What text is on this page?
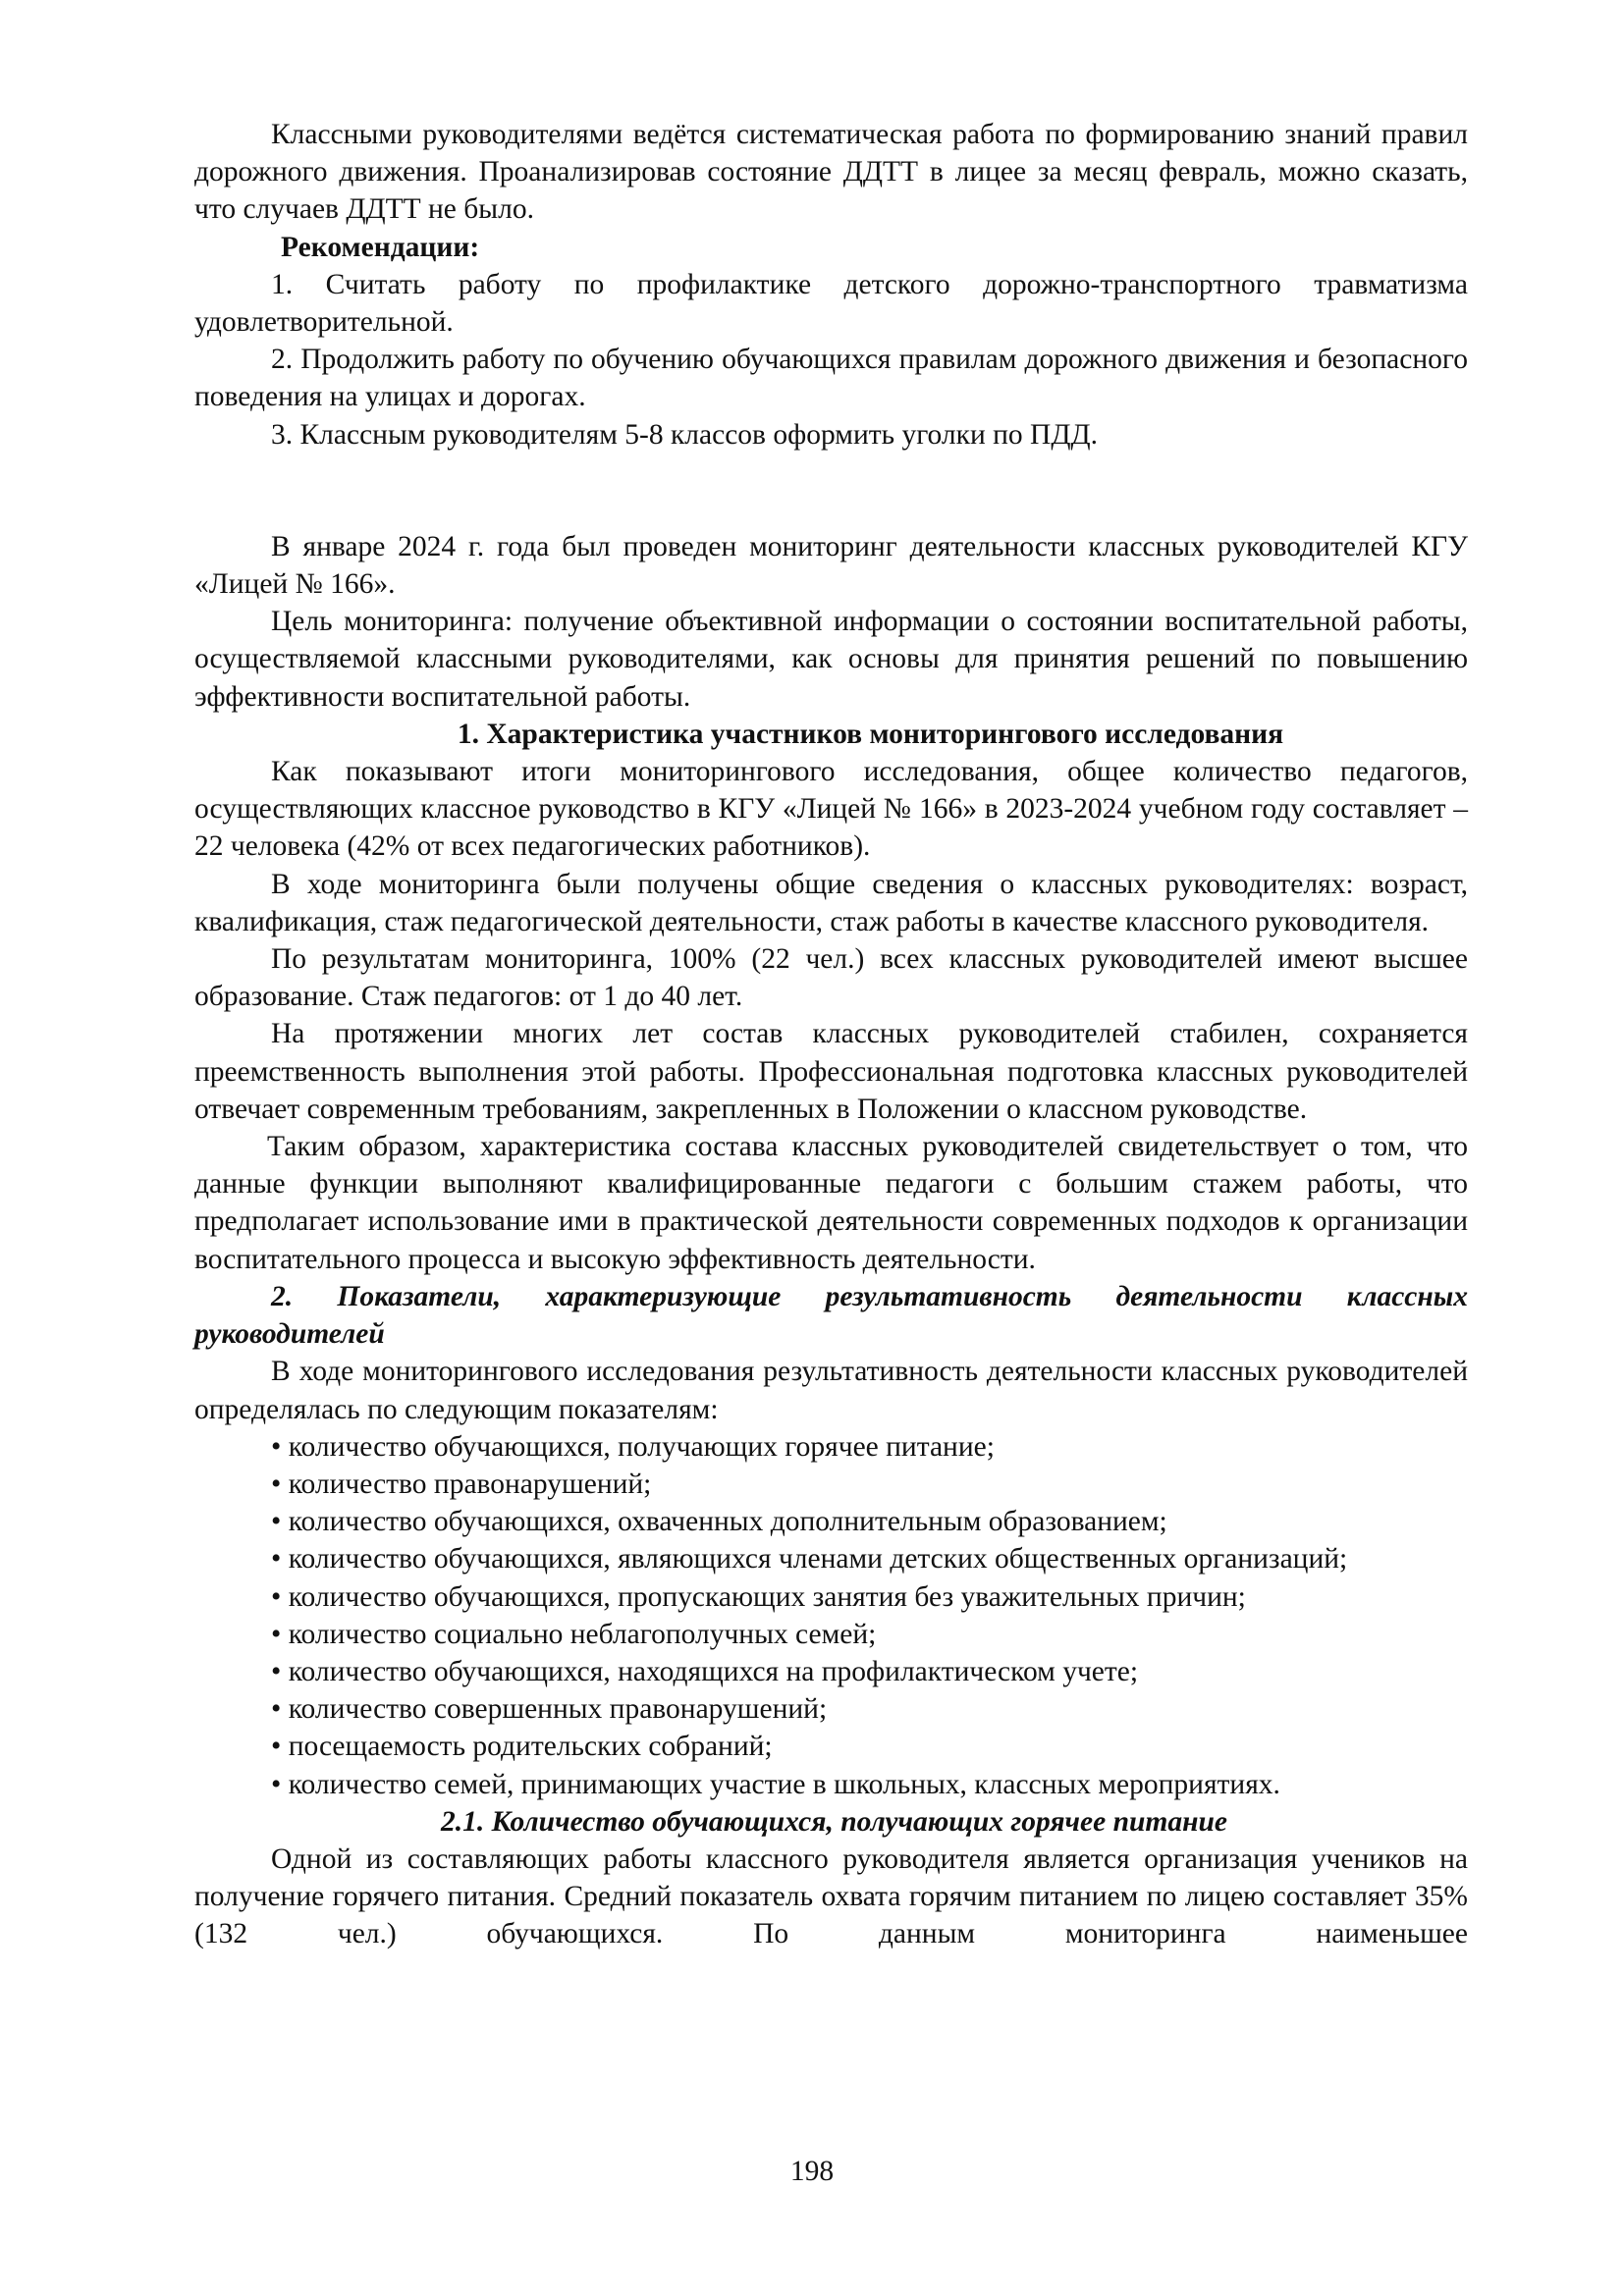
Классными руководителями ведётся систематическая работа по формированию знаний правил дорожного движения. Проанализировав состояние ДДТТ в лицее за месяц февраль, можно сказать, что случаев ДДТТ не было.

Рекомендации:

1. Считать работу по профилактике детского дорожно-транспортного травматизма удовлетворительной.

2. Продолжить работу по обучению обучающихся правилам дорожного движения и безопасного поведения на улицах и дорогах.

3. Классным руководителям 5-8 классов оформить уголки по ПДД.

В январе 2024 г. года был проведен мониторинг деятельности классных руководителей КГУ «Лицей № 166».

Цель мониторинга: получение объективной информации о состоянии воспитательной работы, осуществляемой классными руководителями, как основы для принятия решений по повышению эффективности воспитательной работы.

1. Характеристика участников мониторингового исследования

Как показывают итоги мониторингового исследования, общее количество педагогов, осуществляющих классное руководство в КГУ «Лицей № 166» в 2023-2024 учебном году составляет – 22 человека (42% от всех педагогических работников).

В ходе мониторинга были получены общие сведения о классных руководителях: возраст, квалификация, стаж педагогической деятельности, стаж работы в качестве классного руководителя.

По результатам мониторинга, 100% (22 чел.) всех классных руководителей имеют высшее образование. Стаж педагогов: от 1 до 40 лет.

На протяжении многих лет состав классных руководителей стабилен, сохраняется преемственность выполнения этой работы. Профессиональная подготовка классных руководителей отвечает современным требованиям, закрепленных в Положении о классном руководстве.

Таким образом, характеристика состава классных руководителей свидетельствует о том, что данные функции выполняют квалифицированные педагоги с большим стажем работы, что предполагает использование ими в практической деятельности современных подходов к организации воспитательного процесса и высокую эффективность деятельности.

2. Показатели, характеризующие результативность деятельности классных руководителей

В ходе мониторингового исследования результативность деятельности классных руководителей определялась по следующим показателям:

• количество обучающихся, получающих горячее питание;
• количество правонарушений;
• количество обучающихся, охваченных дополнительным образованием;
• количество обучающихся, являющихся членами детских общественных организаций;
• количество обучающихся, пропускающих занятия без уважительных причин;
• количество социально неблагополучных семей;
• количество обучающихся, находящихся на профилактическом учете;
• количество совершенных правонарушений;
• посещаемость родительских собраний;
• количество семей, принимающих участие в школьных, классных мероприятиях.

2.1. Количество обучающихся, получающих горячее питание

Одной из составляющих работы классного руководителя является организация учеников на получение горячего питания. Средний показатель охвата горячим питанием по лицею составляет 35% (132 чел.) обучающихся. По данным мониторинга наименьшее

198
